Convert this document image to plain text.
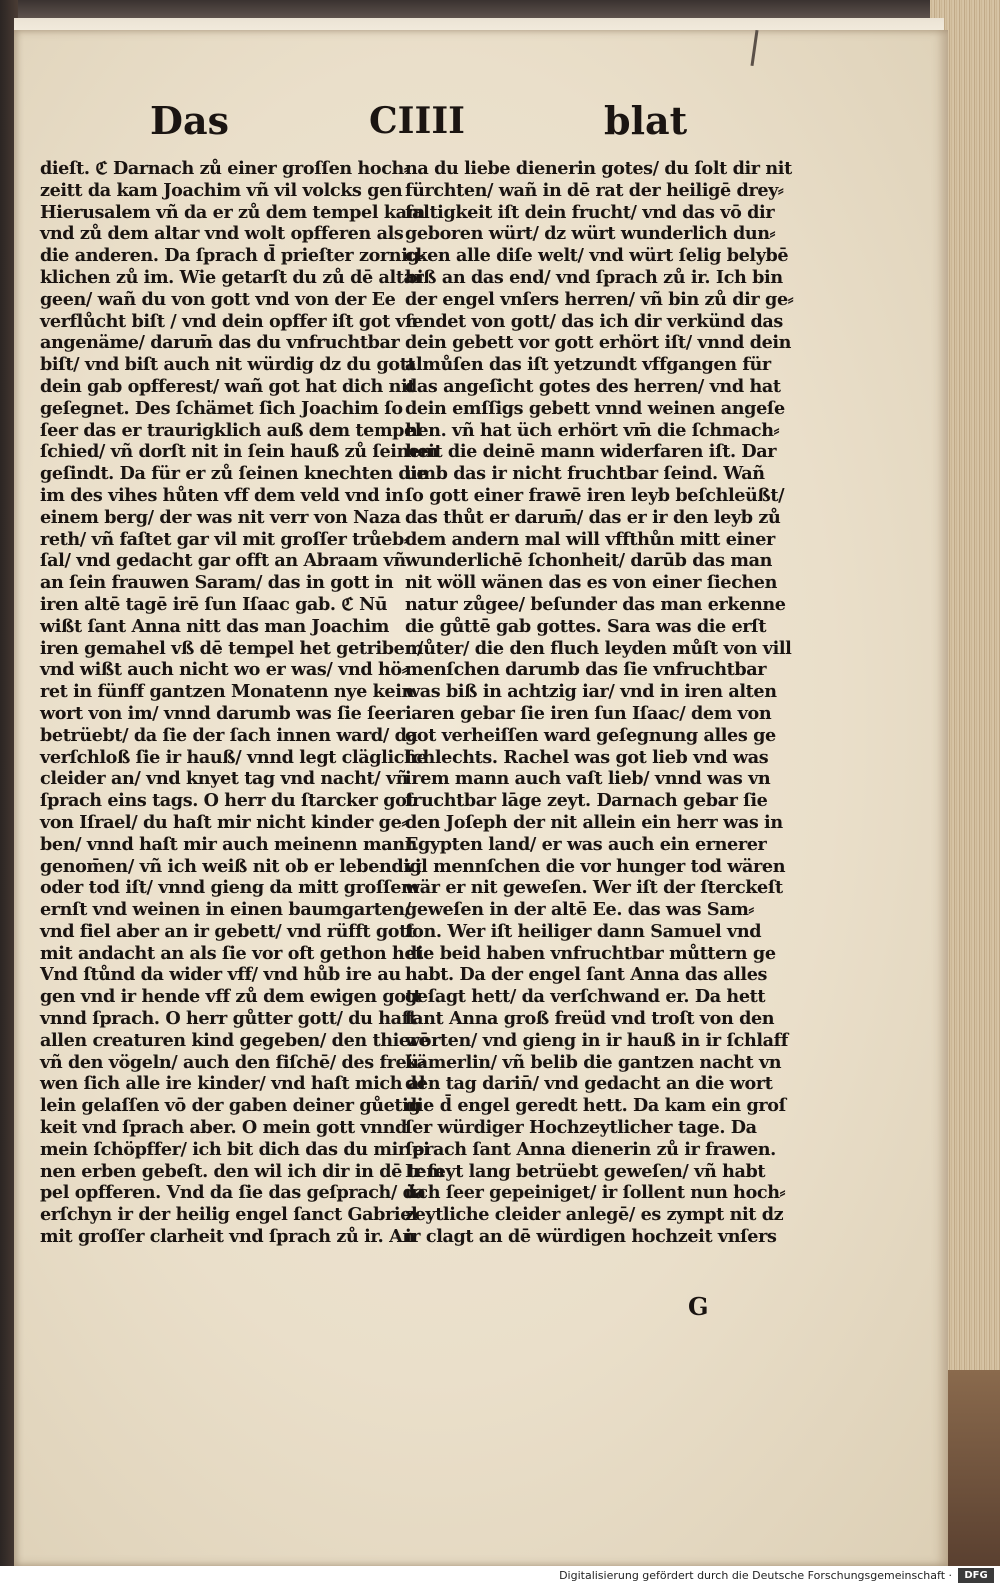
Das	CIIII	blat
dieſt. ℭ Darnach zů einer groſſen hoch⸗
zeitt da kam Joachim vñ vil volcks gen
Hierusalem vñ da er zů dem tempel kam
vnd zů dem altar vnd wolt opfferen als
die anderen. Da ſprach d̄ prieſter zornig⸗
klichen zů im. Wie getarſt du zů dē altar
geen/ wañ du von gott vnd von der Ee
verflůcht biſt / vnd dein opffer iſt got vn
angenäme/ darum̄ das du vnfruchtbar
biſt/ vnd biſt auch nit würdig dz du gott
dein gab opfferest/ wañ got hat dich nit
geſegnet. Des ſchämet ſich Joachim ſo
ſeer das er traurigklich auß dem tempel
ſchied/ vñ dorſt nit in ſein hauß zů ſeinem
geſindt. Da für er zů ſeinen knechten die
im des vihes hůten vff dem veld vnd in
einem berg/ der was nit verr von Naza
reth/ vñ faſtet gar vil mit groſſer trůeb⸗
ſal/ vnd gedacht gar offt an Abraam vñ
an ſein frauwen Saram/ das in gott in
iren altē tagē irē ſun Iſaac gab. ℭ Nū
wißt ſant Anna nitt das man Joachim
iren gemahel vß dē tempel het getriben/
vnd wißt auch nicht wo er was/ vnd hö⸗
ret in fünff gantzen Monatenn nye kein
wort von im/ vnnd darumb was ſie ſeer
betrüebt/ da ſie der ſach innen ward/ da
verſchloß ſie ir hauß/ vnnd legt clägliche
cleider an/ vnd knyet tag vnd nacht/ vñ
ſprach eins tags. O herr du ſtarcker got
von Iſrael/ du haſt mir nicht kinder ge⸗
ben/ vnnd haſt mir auch meinenn mann
genom̄en/ vñ ich weiß nit ob er lebendig
oder tod iſt/ vnnd gieng da mitt groſſem
ernſt vnd weinen in einen baumgarten/
vnd fiel aber an ir gebett/ vnd rüfft gott
mit andacht an als ſie vor oft gethon het
Vnd ſtůnd da wider vff/ vnd hůb ire au
gen vnd ir hende vff zů dem ewigen gott
vnnd ſprach. O herr gůtter gott/ du haſt
allen creaturen kind gegeben/ den thierē
vñ den vögeln/ auch den fiſchē/ des freü⸗
wen ſich alle ire kinder/ vnd haſt mich al
lein gelaſſen vō der gaben deiner gůetig
keit vnd ſprach aber. O mein gott vnnd
mein ſchöpffer/ ich bit dich das du mir ei
nen erben gebeſt. den wil ich dir in dē tem
pel opfferen. Vnd da ſie das geſprach/ da
erſchyn ir der heilig engel ſanct Gabriel
mit groſſer clarheit vnd ſprach zů ir. An
na du liebe dienerin gotes/ du ſolt dir nit
fürchten/ wañ in dē rat der heiligē drey⸗
faltigkeit iſt dein frucht/ vnd das vō dir
geboren würt/ dz würt wunderlich dun⸗
cken alle diſe welt/ vnd würt ſelig belybē
biß an das end/ vnd ſprach zů ir. Ich bin
der engel vnſers herren/ vñ bin zů dir ge⸗
ſendet von gott/ das ich dir verkünd das
dein gebett vor gott erhört iſt/ vnnd dein
almůſen das iſt yetzundt vffgangen für
das angeſicht gotes des herren/ vnd hat
dein emſſigs gebett vnnd weinen angeſe
hen. vñ hat üch erhört vm̄ die ſchmach⸗
heit die deinē mann widerfaren iſt. Dar
umb das ir nicht fruchtbar ſeind. Wañ
ſo gott einer frawē iren leyb beſchleüßt/
das thůt er darum̄/ das er ir den leyb zů
dem andern mal will vffthůn mitt einer
wunderlichē ſchonheit/ darūb das man
nit wöll wänen das es von einer ſiechen
natur zůgee/ beſunder das man erkenne
die gůttē gab gottes. Sara was die erſt
můter/ die den fluch leyden můſt von vill
menſchen darumb das ſie vnfruchtbar
was biß in achtzig iar/ vnd in iren alten
iaren gebar ſie iren ſun Iſaac/ dem von
got verheiſſen ward geſegnung alles ge
ſchlechts. Rachel was got lieb vnd was
irem mann auch vaſt lieb/ vnnd was vn
fruchtbar lāge zeyt. Darnach gebar ſie
den Joſeph der nit allein ein herr was in
Egypten land/ er was auch ein ernerer
vil mennſchen die vor hunger tod wären
wär er nit geweſen. Wer iſt der ſterckeſt
geweſen in der altē Ee. das was Sam⸗
ſon. Wer iſt heiliger dann Samuel vnd
die beid haben vnfruchtbar můttern ge
habt. Da der engel ſant Anna das alles
geſagt hett/ da verſchwand er. Da hett
ſant Anna groß freüd vnd troſt von den
worten/ vnd gieng in ir hauß in ir ſchlaff
kämerlin/ vñ belib die gantzen nacht vn
den tag darin̄/ vnd gedacht an die wort
die d̄ engel geredt hett. Da kam ein groſ
ſer würdiger Hochzeytlicher tage. Da
ſprach ſant Anna dienerin zů ir frawen.
Ir ſeyt lang betrüebt geweſen/ vñ habt
üch ſeer gepeiniget/ ir ſollent nun hoch⸗
zeytliche cleider anlegē/ es zympt nit dz
ir clagt an dē würdigen hochzeit vnſers
G
Digitalisierung gefördert durch die Deutsche Forschungsgemeinschaft ·	DFG
